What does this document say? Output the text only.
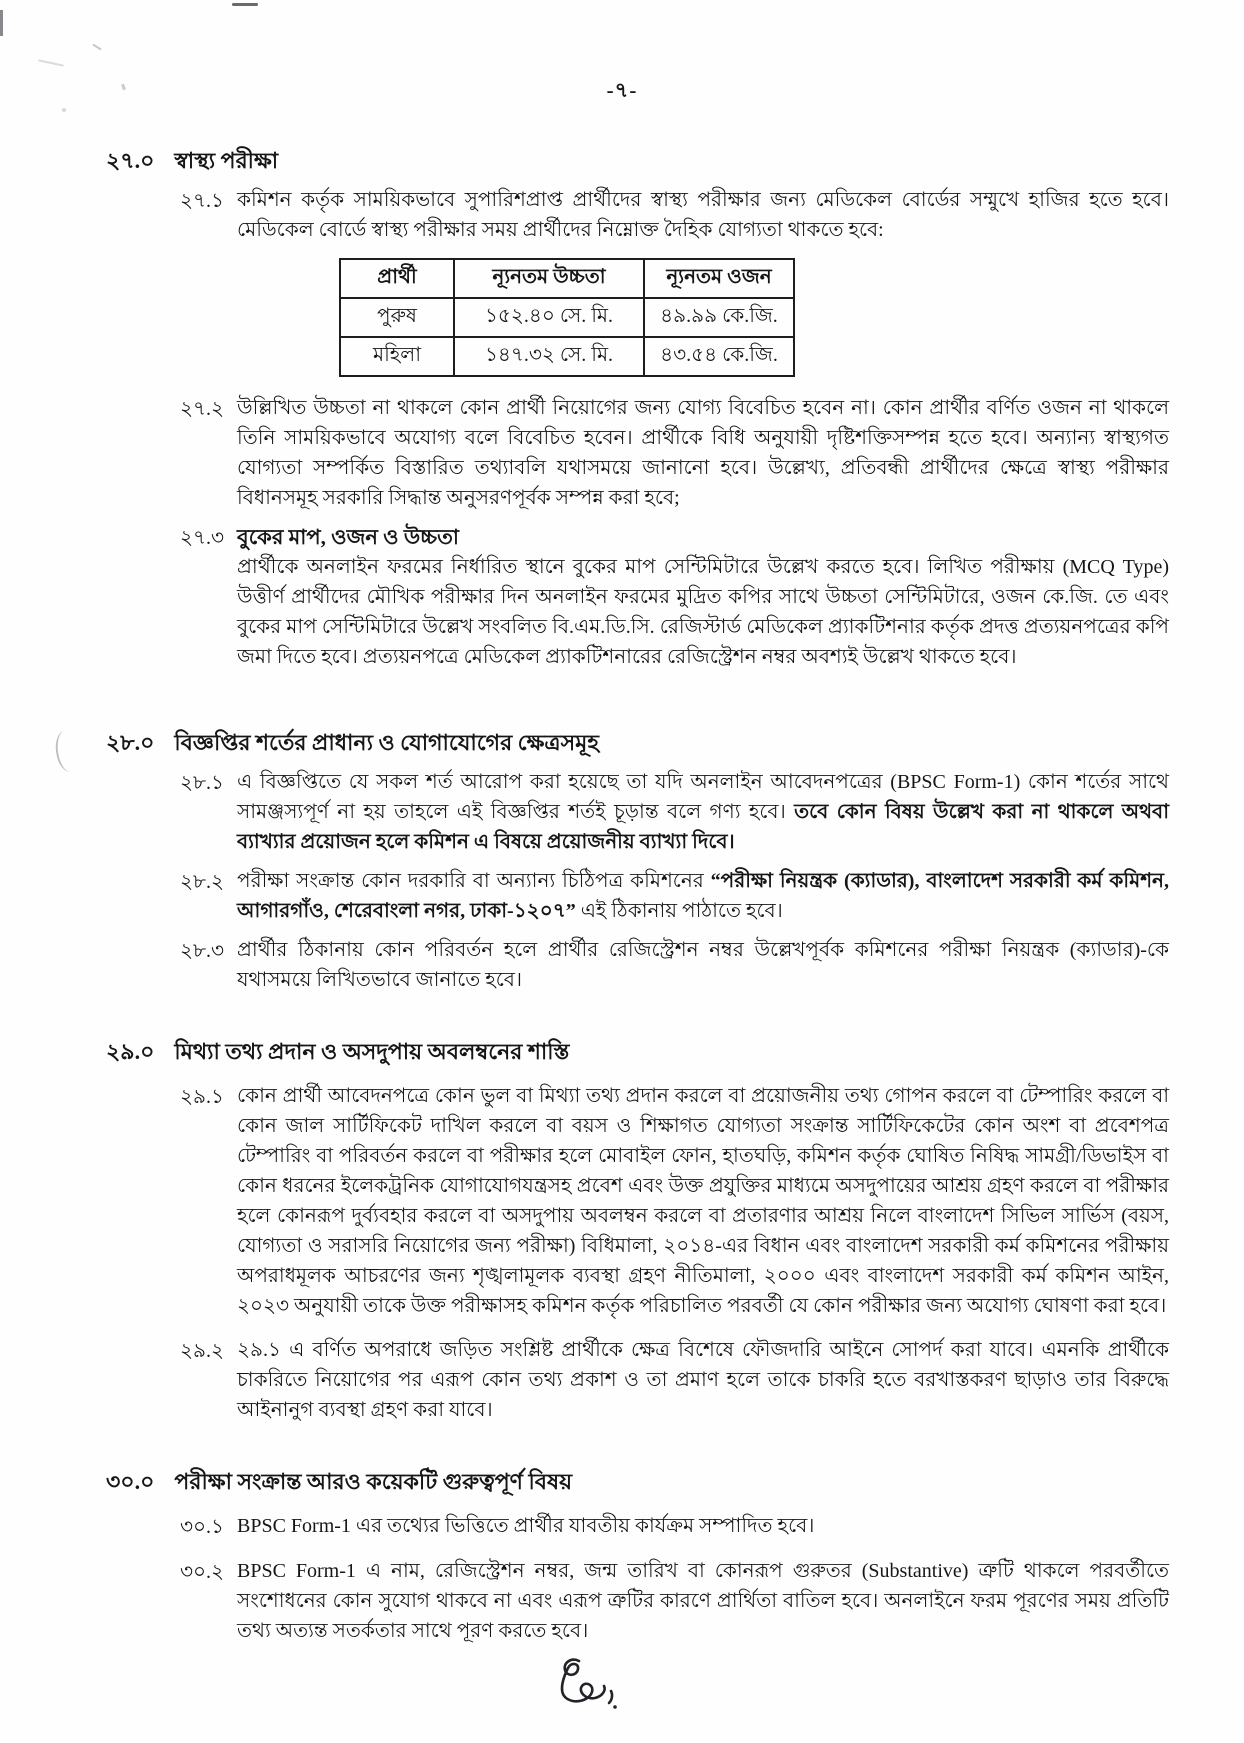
-৭-
২৭.০ স্বাস্থ্য পরীক্ষা
২৭.১ কমিশন কর্তৃক সাময়িকভাবে সুপারিশপ্রাপ্ত প্রার্থীদের স্বাস্থ্য পরীক্ষার জন্য মেডিকেল বোর্ডের সম্মুখে হাজির হতে হবে। মেডিকেল বোর্ডে স্বাস্থ্য পরীক্ষার সময় প্রার্থীদের নিম্নোক্ত দৈহিক যোগ্যতা থাকতে হবে:
প্রার্থী	ন্যূনতম উচ্চতা	ন্যূনতম ওজন
পুরুষ	১৫২.৪০ সে. মি.	৪৯.৯৯ কে.জি.
মহিলা	১৪৭.৩২ সে. মি.	৪৩.৫৪ কে.জি.
২৭.২ উল্লিখিত উচ্চতা না থাকলে কোন প্রার্থী নিয়োগের জন্য যোগ্য বিবেচিত হবেন না। কোন প্রার্থীর বর্ণিত ওজন না থাকলে তিনি সাময়িকভাবে অযোগ্য বলে বিবেচিত হবেন। প্রার্থীকে বিধি অনুযায়ী দৃষ্টিশক্তিসম্পন্ন হতে হবে। অন্যান্য স্বাস্থ্যগত যোগ্যতা সম্পর্কিত বিস্তারিত তথ্যাবলি যথাসময়ে জানানো হবে। উল্লেখ্য, প্রতিবন্ধী প্রার্থীদের ক্ষেত্রে স্বাস্থ্য পরীক্ষার বিধানসমূহ সরকারি সিদ্ধান্ত অনুসরণপূর্বক সম্পন্ন করা হবে;
২৭.৩ বুকের মাপ, ওজন ও উচ্চতা
প্রার্থীকে অনলাইন ফরমের নির্ধারিত স্থানে বুকের মাপ সেন্টিমিটারে উল্লেখ করতে হবে। লিখিত পরীক্ষায় (MCQ Type) উত্তীর্ণ প্রার্থীদের মৌখিক পরীক্ষার দিন অনলাইন ফরমের মুদ্রিত কপির সাথে উচ্চতা সেন্টিমিটারে, ওজন কে.জি. তে এবং বুকের মাপ সেন্টিমিটারে উল্লেখ সংবলিত বি.এম.ডি.সি. রেজিস্টার্ড মেডিকেল প্র্যাকটিশনার কর্তৃক প্রদত্ত প্রত্যয়নপত্রের কপি জমা দিতে হবে। প্রত্যয়নপত্রে মেডিকেল প্র্যাকটিশনারের রেজিস্ট্রেশন নম্বর অবশ্যই উল্লেখ থাকতে হবে।
২৮.০ বিজ্ঞপ্তির শর্তের প্রাধান্য ও যোগাযোগের ক্ষেত্রসমূহ
২৮.১ এ বিজ্ঞপ্তিতে যে সকল শর্ত আরোপ করা হয়েছে তা যদি অনলাইন আবেদনপত্রের (BPSC Form-1) কোন শর্তের সাথে সামঞ্জস্যপূর্ণ না হয় তাহলে এই বিজ্ঞপ্তির শর্তই চূড়ান্ত বলে গণ্য হবে। তবে কোন বিষয় উল্লেখ করা না থাকলে অথবা ব্যাখ্যার প্রয়োজন হলে কমিশন এ বিষয়ে প্রয়োজনীয় ব্যাখ্যা দিবে।
২৮.২ পরীক্ষা সংক্রান্ত কোন দরকারি বা অন্যান্য চিঠিপত্র কমিশনের “পরীক্ষা নিয়ন্ত্রক (ক্যাডার), বাংলাদেশ সরকারী কর্ম কমিশন, আগারগাঁও, শেরেবাংলা নগর, ঢাকা-১২০৭” এই ঠিকানায় পাঠাতে হবে।
২৮.৩ প্রার্থীর ঠিকানায় কোন পরিবর্তন হলে প্রার্থীর রেজিস্ট্রেশন নম্বর উল্লেখপূর্বক কমিশনের পরীক্ষা নিয়ন্ত্রক (ক্যাডার)-কে যথাসময়ে লিখিতভাবে জানাতে হবে।
২৯.০ মিথ্যা তথ্য প্রদান ও অসদুপায় অবলম্বনের শাস্তি
২৯.১ কোন প্রার্থী আবেদনপত্রে কোন ভুল বা মিথ্যা তথ্য প্রদান করলে বা প্রয়োজনীয় তথ্য গোপন করলে বা টেম্পারিং করলে বা কোন জাল সার্টিফিকেট দাখিল করলে বা বয়স ও শিক্ষাগত যোগ্যতা সংক্রান্ত সার্টিফিকেটের কোন অংশ বা প্রবেশপত্র টেম্পারিং বা পরিবর্তন করলে বা পরীক্ষার হলে মোবাইল ফোন, হাতঘড়ি, কমিশন কর্তৃক ঘোষিত নিষিদ্ধ সামগ্রী/ডিভাইস বা কোন ধরনের ইলেকট্রনিক যোগাযোগযন্ত্রসহ প্রবেশ এবং উক্ত প্রযুক্তির মাধ্যমে অসদুপায়ের আশ্রয় গ্রহণ করলে বা পরীক্ষার হলে কোনরূপ দুর্ব্যবহার করলে বা অসদুপায় অবলম্বন করলে বা প্রতারণার আশ্রয় নিলে বাংলাদেশ সিভিল সার্ভিস (বয়স, যোগ্যতা ও সরাসরি নিয়োগের জন্য পরীক্ষা) বিধিমালা, ২০১৪-এর বিধান এবং বাংলাদেশ সরকারী কর্ম কমিশনের পরীক্ষায় অপরাধমূলক আচরণের জন্য শৃঙ্খলামূলক ব্যবস্থা গ্রহণ নীতিমালা, ২০০০ এবং বাংলাদেশ সরকারী কর্ম কমিশন আইন, ২০২৩ অনুযায়ী তাকে উক্ত পরীক্ষাসহ কমিশন কর্তৃক পরিচালিত পরবর্তী যে কোন পরীক্ষার জন্য অযোগ্য ঘোষণা করা হবে।
২৯.২ ২৯.১ এ বর্ণিত অপরাধে জড়িত সংশ্লিষ্ট প্রার্থীকে ক্ষেত্র বিশেষে ফৌজদারি আইনে সোপর্দ করা যাবে। এমনকি প্রার্থীকে চাকরিতে নিয়োগের পর এরূপ কোন তথ্য প্রকাশ ও তা প্রমাণ হলে তাকে চাকরি হতে বরখাস্তকরণ ছাড়াও তার বিরুদ্ধে আইনানুগ ব্যবস্থা গ্রহণ করা যাবে।
৩০.০ পরীক্ষা সংক্রান্ত আরও কয়েকটি গুরুত্বপূর্ণ বিষয়
৩০.১ BPSC Form-1 এর তথ্যের ভিত্তিতে প্রার্থীর যাবতীয় কার্যক্রম সম্পাদিত হবে।
৩০.২ BPSC Form-1 এ নাম, রেজিস্ট্রেশন নম্বর, জন্ম তারিখ বা কোনরূপ গুরুতর (Substantive) ত্রুটি থাকলে পরবর্তীতে সংশোধনের কোন সুযোগ থাকবে না এবং এরূপ ত্রুটির কারণে প্রার্থিতা বাতিল হবে। অনলাইনে ফরম পূরণের সময় প্রতিটি তথ্য অত্যন্ত সতর্কতার সাথে পূরণ করতে হবে।
